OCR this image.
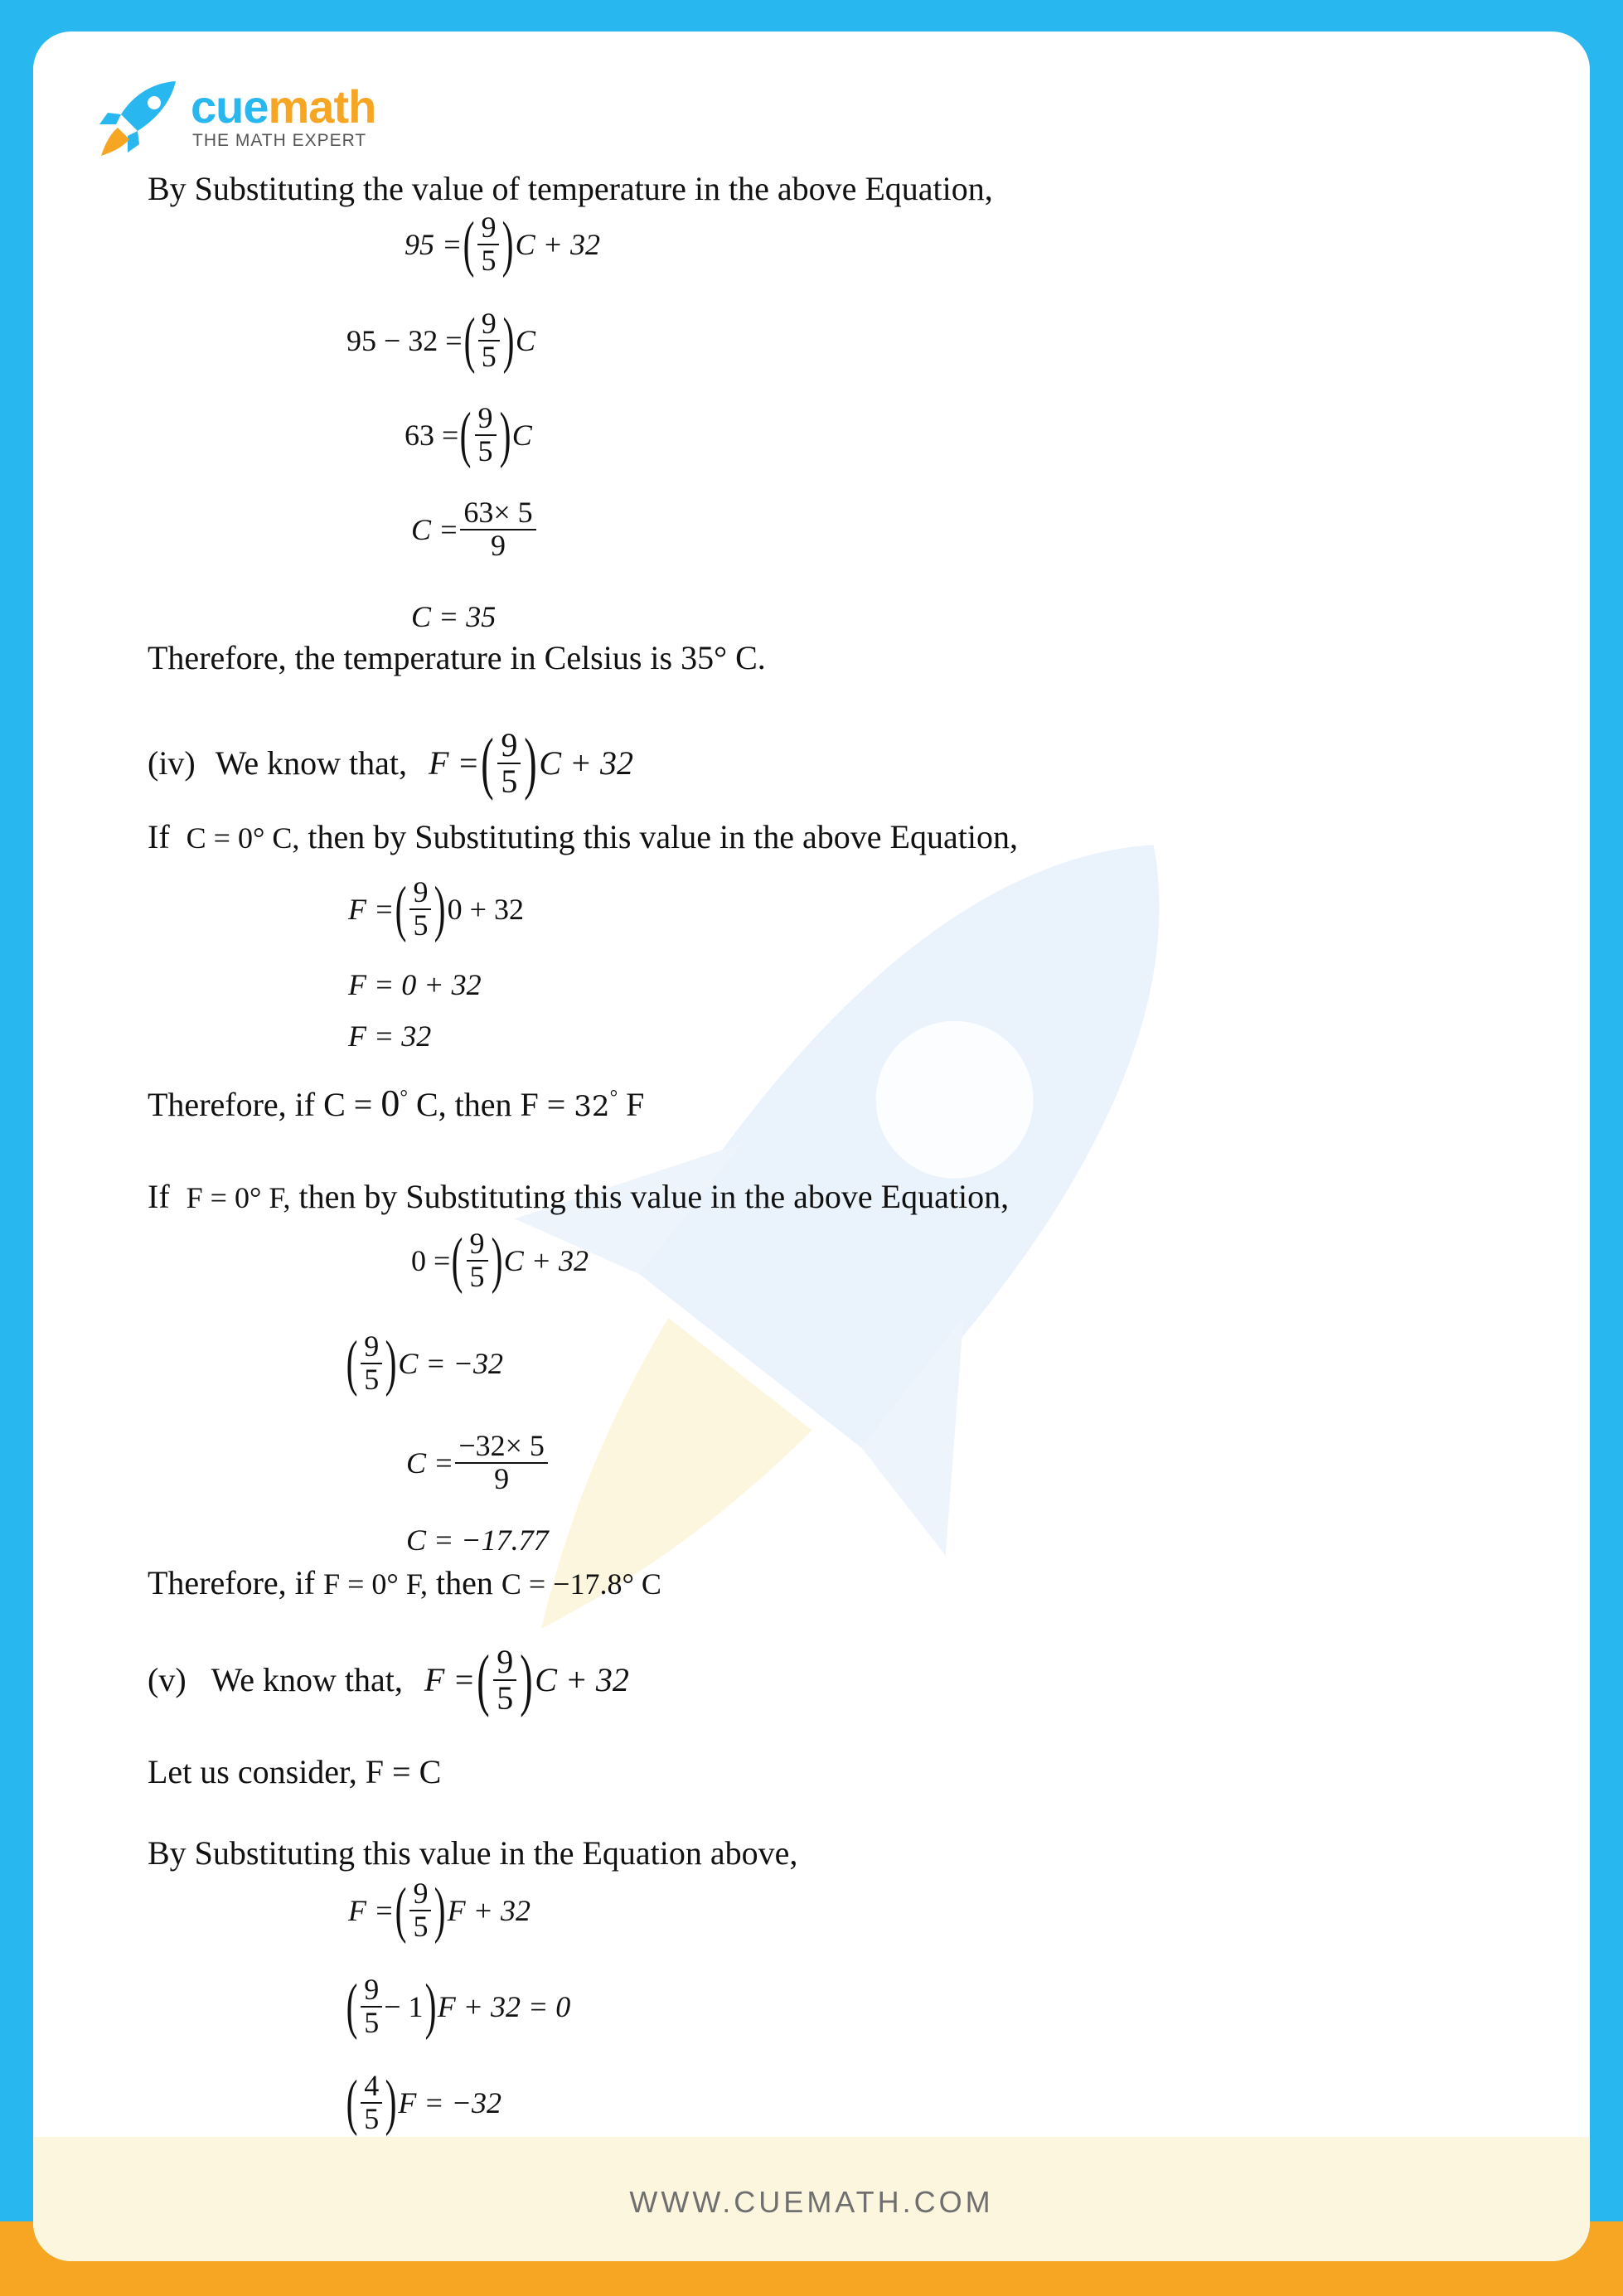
cuemath
THE MATH EXPERT
By Substituting the value of temperature in the above Equation,
95 = ( $\frac{9}{5}$ ) C + 32
95 − 32 = ( $\frac{9}{5}$ ) C
63 = ( $\frac{9}{5}$ ) C
$C = \frac{63\times 5}{9}$
C = 35
Therefore, the temperature in Celsius is 35° C.
(iv) We know that, F = ( $\frac{9}{5}$ ) C + 32
If C = 0° C, then by Substituting this value in the above Equation,
F = ( $\frac{9}{5}$ ) 0 + 32
F = 0 + 32
F = 32
Therefore, if C = 0° C, then F = 32° F
If F = 0° F, then by Substituting this value in the above Equation,
0 = ( $\frac{9}{5}$ ) C + 32
( $\frac{9}{5}$ ) C = −32
$C = \frac{-32\times 5}{9}$
C = −17.77
Therefore, if F = 0° F, then C = −17.8° C
(v) We know that, F = ( $\frac{9}{5}$ ) C + 32
Let us consider, F = C
By Substituting this value in the Equation above,
F = ( $\frac{9}{5}$ ) F + 32
( $\frac{9}{5} - 1$ ) F + 32 = 0
( $\frac{4}{5}$ ) F = −32
WWW.CUEMATH.COM
